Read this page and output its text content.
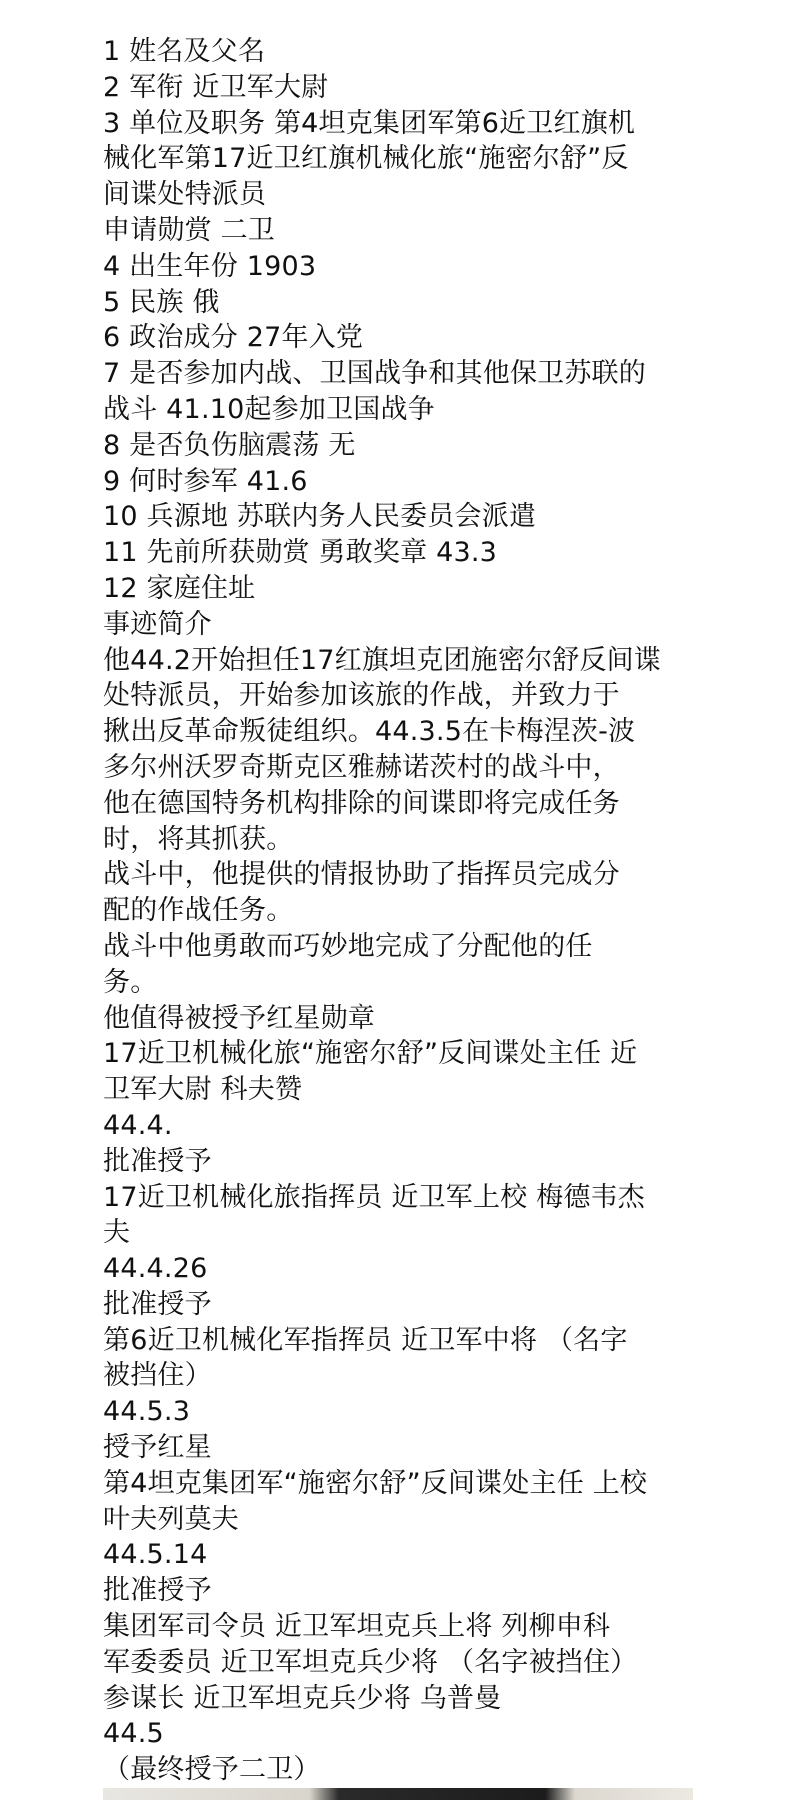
1 姓名及父名

2 军衔 近卫军大尉

3 单位及职务 第4坦克集团军第6近卫红旗机

械化军第17近卫红旗机械化旅“施密尔舒”反

间谍处特派员

申请勋赏 二卫

4 出生年份 1903

5 民族 俄

6 政治成分 27年入党

7 是否参加内战、卫国战争和其他保卫苏联的

战斗 41.10起参加卫国战争

8 是否负伤脑震荡 无

9 何时参军 41.6

10 兵源地 苏联内务人民委员会派遣

11 先前所获勋赏 勇敢奖章 43.3

12 家庭住址

事迹简介

他44.2开始担任17红旗坦克团施密尔舒反间谍

处特派员，开始参加该旅的作战，并致力于

揪出反革命叛徒组织。44.3.5在卡梅涅茨-波

多尔州沃罗奇斯克区雅赫诺茨村的战斗中，

他在德国特务机构排除的间谍即将完成任务

时，将其抓获。

战斗中，他提供的情报协助了指挥员完成分

配的作战任务。

战斗中他勇敢而巧妙地完成了分配他的任

务。

他值得被授予红星勋章

17近卫机械化旅“施密尔舒”反间谍处主任 近

卫军大尉 科夫赞

44.4.

批准授予

17近卫机械化旅指挥员 近卫军上校 梅德韦杰

夫

44.4.26

批准授予

第6近卫机械化军指挥员 近卫军中将 （名字

被挡住）

44.5.3

授予红星

第4坦克集团军“施密尔舒”反间谍处主任 上校

叶夫列莫夫

44.5.14

批准授予

集团军司令员 近卫军坦克兵上将 列柳申科

军委委员 近卫军坦克兵少将 （名字被挡住）

参谋长 近卫军坦克兵少将 乌普曼

44.5

（最终授予二卫）
